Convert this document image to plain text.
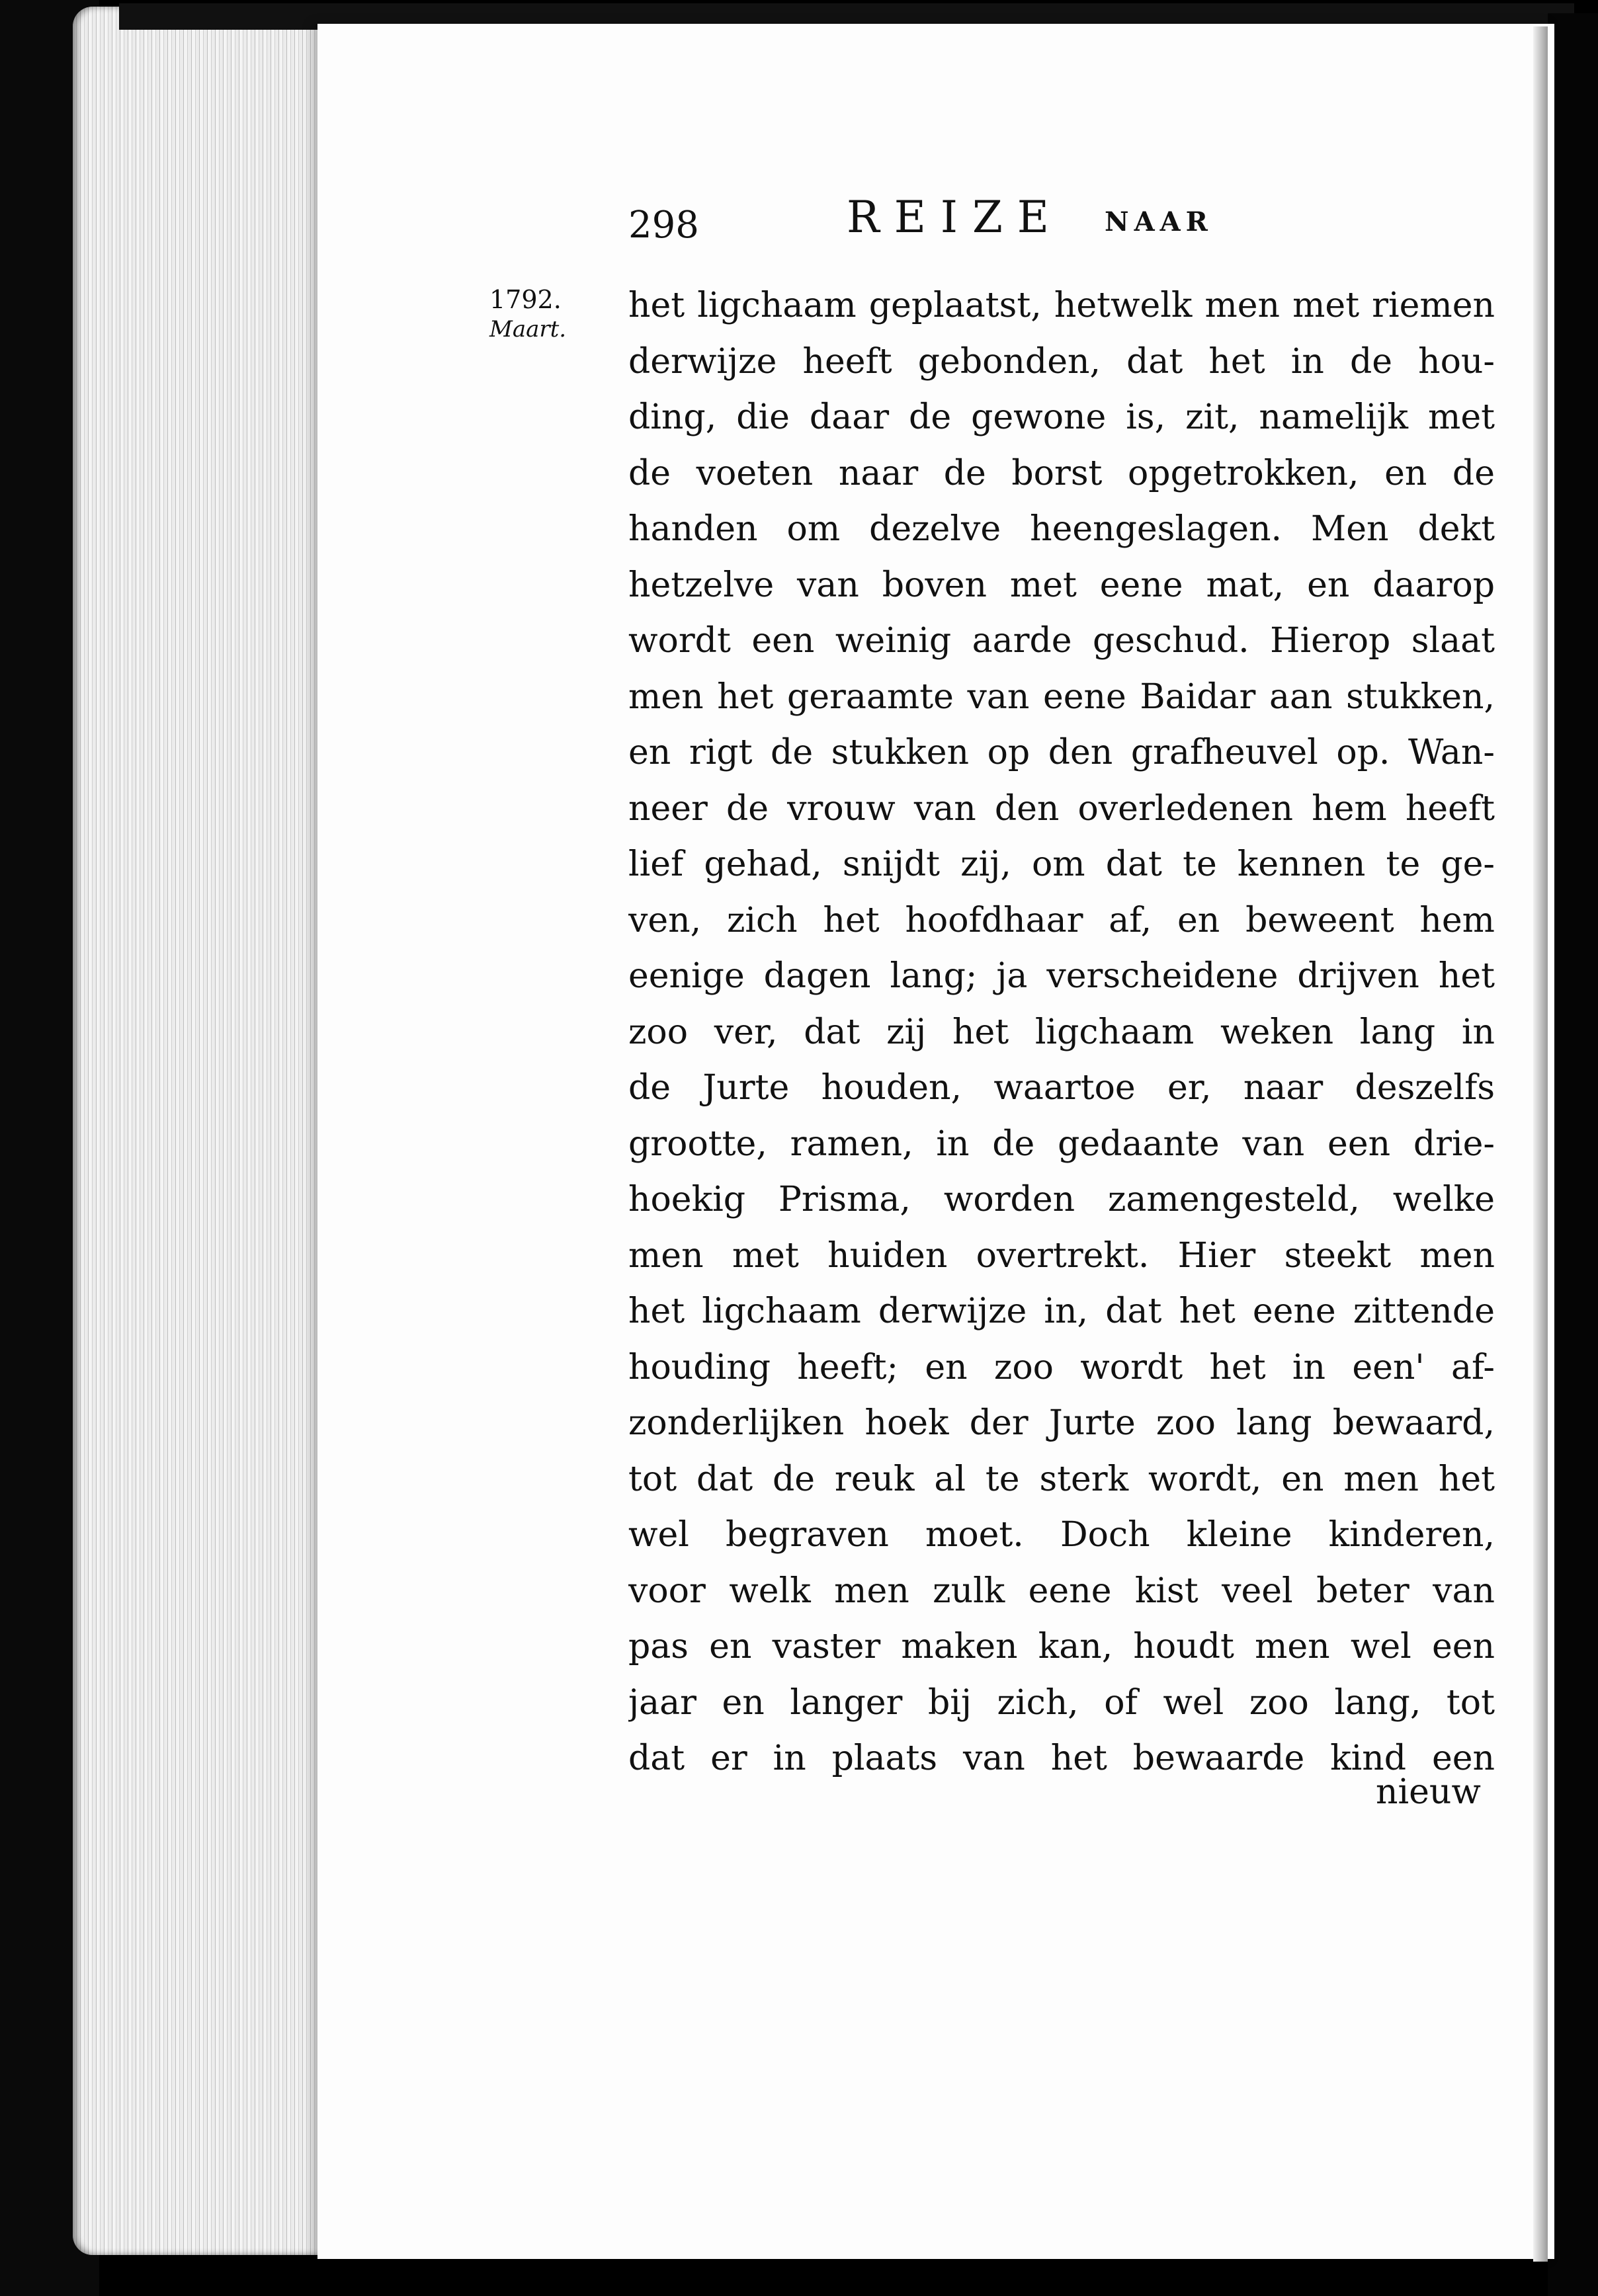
298	REIZE NAAR
1792.
Maart.
het ligchaam geplaatst, hetwelk men met riemen
derwijze heeft gebonden, dat het in de hou-
ding, die daar de gewone is, zit, namelijk met
de voeten naar de borst opgetrokken, en de
handen om dezelve heengeslagen. Men dekt
hetzelve van boven met eene mat, en daarop
wordt een weinig aarde geschud. Hierop slaat
men het geraamte van eene Baidar aan stukken,
en rigt de stukken op den grafheuvel op. Wan-
neer de vrouw van den overledenen hem heeft
lief gehad, snijdt zij, om dat te kennen te ge-
ven, zich het hoofdhaar af, en beweent hem
eenige dagen lang; ja verscheidene drijven het
zoo ver, dat zij het ligchaam weken lang in
de Jurte houden, waartoe er, naar deszelfs
grootte, ramen, in de gedaante van een drie-
hoekig Prisma, worden zamengesteld, welke
men met huiden overtrekt. Hier steekt men
het ligchaam derwijze in, dat het eene zittende
houding heeft; en zoo wordt het in een' af-
zonderlijken hoek der Jurte zoo lang bewaard,
tot dat de reuk al te sterk wordt, en men het
wel begraven moet. Doch kleine kinderen,
voor welk men zulk eene kist veel beter van
pas en vaster maken kan, houdt men wel een
jaar en langer bij zich, of wel zoo lang, tot
dat er in plaats van het bewaarde kind een
nieuw
